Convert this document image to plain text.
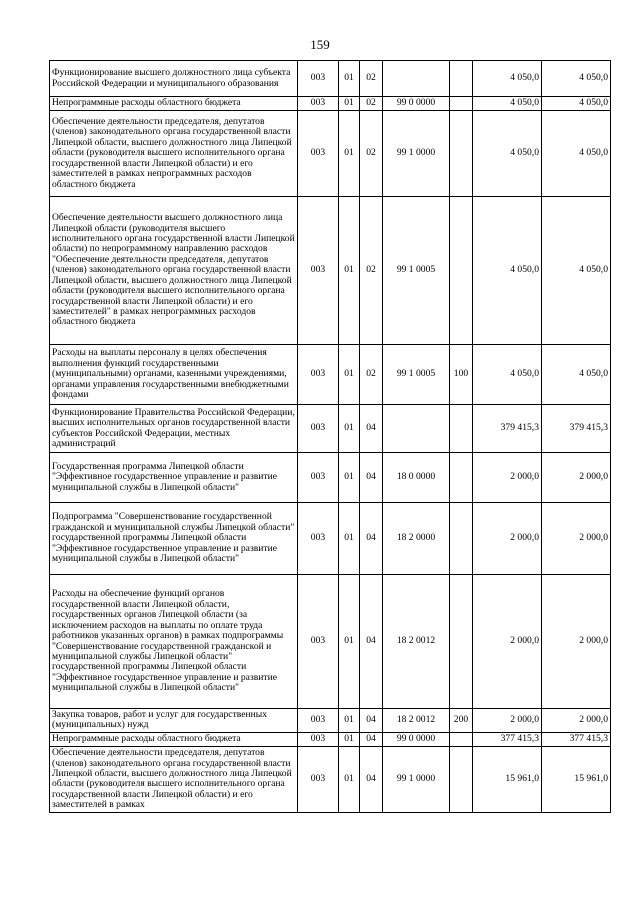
159
Функционирование высшего должностного лица субъекта Российской Федерации и муниципального образования	003	01	02			4 050,0	4 050,0
Непрограммные расходы областного бюджета	003	01	02	99 0 0000		4 050,0	4 050,0
Обеспечение деятельности председателя, депутатов (членов) законодательного органа государственной власти Липецкой области, высшего должностного лица Липецкой области (руководителя высшего исполнительного органа государственной власти Липецкой области) и его заместителей в рамках непрограммных расходов областного бюджета	003	01	02	99 1 0000		4 050,0	4 050,0
Обеспечение деятельности высшего должностного лица Липецкой области (руководителя высшего исполнительного органа государственной власти Липецкой области) по непрограммному направлению расходов "Обеспечение деятельности председателя, депутатов (членов) законодательного органа государственной власти Липецкой области, высшего должностного лица Липецкой области (руководителя высшего исполнительного органа государственной власти Липецкой области) и его заместителей" в рамках непрограммных расходов областного бюджета	003	01	02	99 1 0005		4 050,0	4 050,0
Расходы на выплаты персоналу в целях обеспечения выполнения функций государственными (муниципальными) органами, казенными учреждениями, органами управления государственными внебюджетными фондами	003	01	02	99 1 0005	100	4 050,0	4 050,0
Функционирование Правительства Российской Федерации, высших исполнительных органов государственной власти субъектов Российской Федерации, местных администраций	003	01	04			379 415,3	379 415,3
Государственная программа Липецкой области "Эффективное государственное управление и развитие муниципальной службы в Липецкой области"	003	01	04	18 0 0000		2 000,0	2 000,0
Подпрограмма "Совершенствование государственной гражданской и муниципальной службы Липецкой области" государственной программы Липецкой области "Эффективное государственное управление и развитие муниципальной службы в Липецкой области"	003	01	04	18 2 0000		2 000,0	2 000,0
Расходы на обеспечение функций органов государственной власти Липецкой области, государственных органов Липецкой области (за исключением расходов на выплаты по оплате труда работников указанных органов) в рамках подпрограммы "Совершенствование государственной гражданской и муниципальной службы Липецкой области" государственной программы Липецкой области "Эффективное государственное управление и развитие муниципальной службы в Липецкой области"	003	01	04	18 2 0012		2 000,0	2 000,0
Закупка товаров, работ и услуг для государственных (муниципальных) нужд	003	01	04	18 2 0012	200	2 000,0	2 000,0
Непрограммные расходы областного бюджета	003	01	04	99 0 0000		377 415,3	377 415,3
Обеспечение деятельности председателя, депутатов (членов) законодательного органа государственной власти Липецкой области, высшего должностного лица Липецкой области (руководителя высшего исполнительного органа государственной власти Липецкой области) и его заместителей в рамках	003	01	04	99 1 0000		15 961,0	15 961,0
